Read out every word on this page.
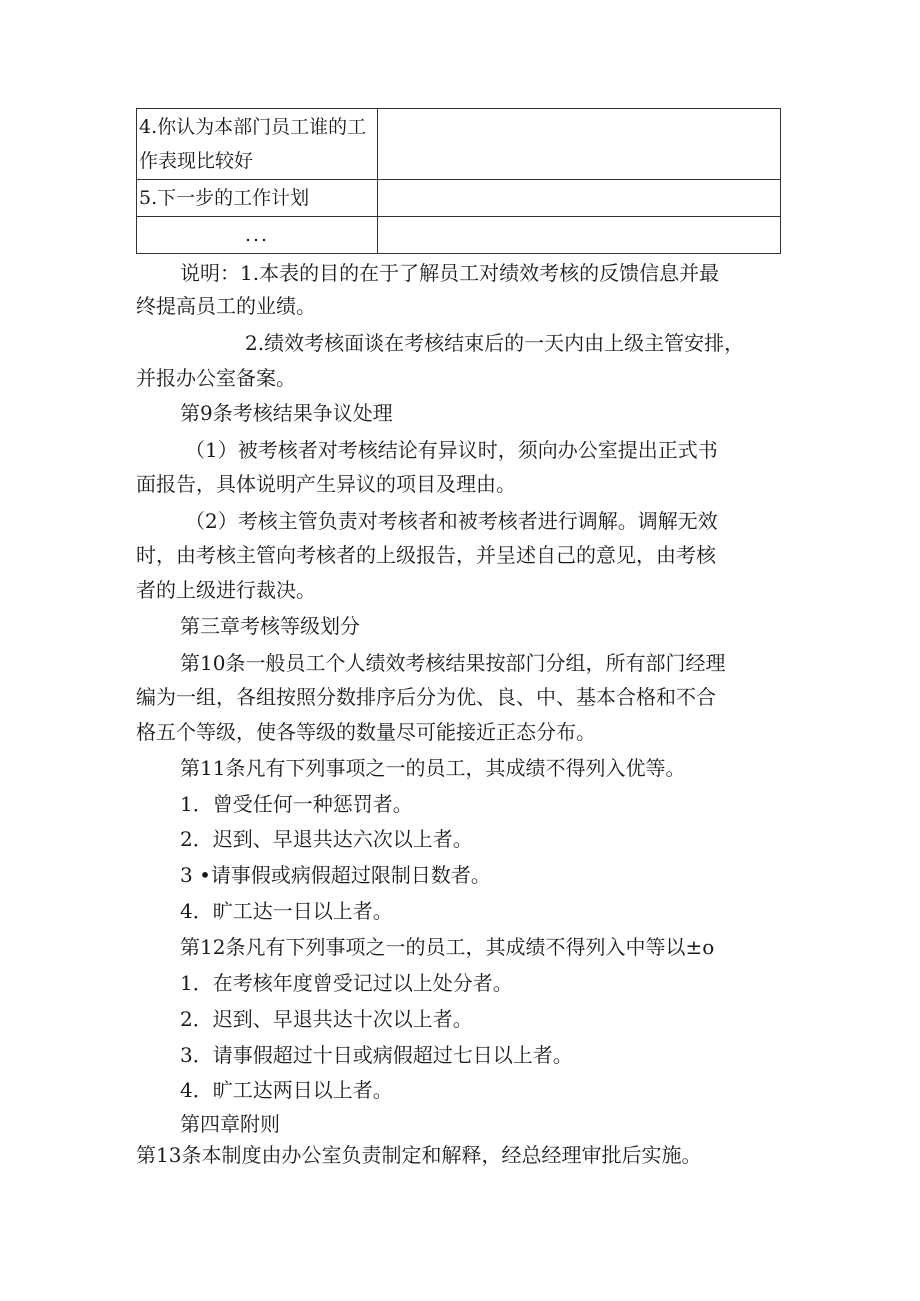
4.你认为本部门员工谁的工作表现比较好	
5.下一步的工作计划	
...	
说明：1.本表的目的在于了解员工对绩效考核的反馈信息并最
终提高员工的业绩。
2.绩效考核面谈在考核结束后的一天内由上级主管安排，
并报办公室备案。
第9条考核结果争议处理
（1）被考核者对考核结论有异议时，须向办公室提出正式书
面报告，具体说明产生异议的项目及理由。
（2）考核主管负责对考核者和被考核者进行调解。调解无效
时，由考核主管向考核者的上级报告，并呈述自己的意见，由考核
者的上级进行裁决。
第三章考核等级划分
第10条一般员工个人绩效考核结果按部门分组，所有部门经理
编为一组，各组按照分数排序后分为优、良、中、基本合格和不合
格五个等级，使各等级的数量尽可能接近正态分布。
第11条凡有下列事项之一的员工，其成绩不得列入优等。
1．曾受任何一种惩罚者。
2．迟到、早退共达六次以上者。
3 •请事假或病假超过限制日数者。
4．旷工达一日以上者。
第12条凡有下列事项之一的员工，其成绩不得列入中等以±o
1．在考核年度曾受记过以上处分者。
2．迟到、早退共达十次以上者。
3．请事假超过十日或病假超过七日以上者。
4．旷工达两日以上者。
第四章附则
第13条本制度由办公室负责制定和解释，经总经理审批后实施。
